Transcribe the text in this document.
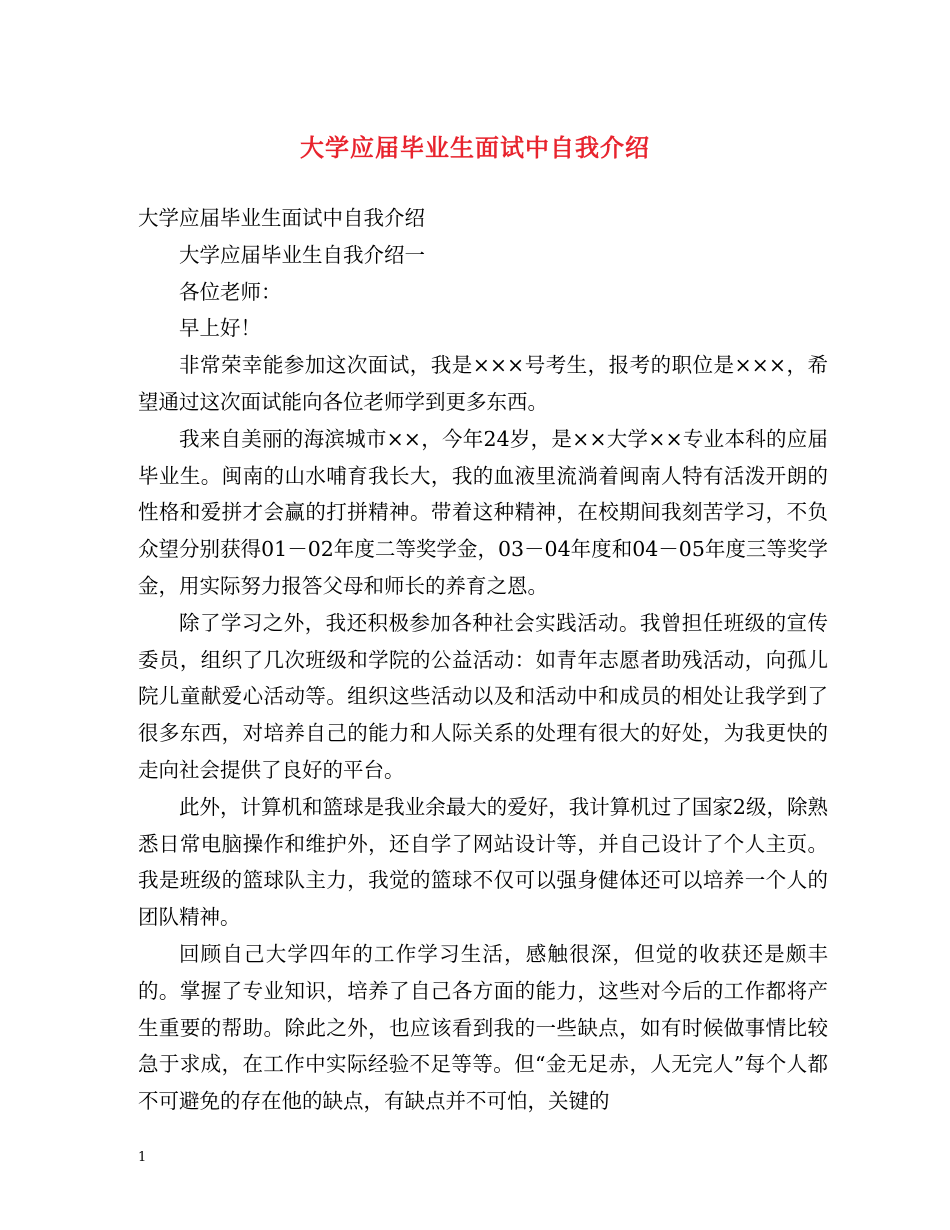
大学应届毕业生面试中自我介绍

大学应届毕业生面试中自我介绍

大学应届毕业生自我介绍一

各位老师：

早上好！

非常荣幸能参加这次面试，我是×××号考生，报考的职位是×××，希望通过这次面试能向各位老师学到更多东西。

我来自美丽的海滨城市××，今年24岁，是××大学××专业本科的应届毕业生。闽南的山水哺育我长大，我的血液里流淌着闽南人特有活泼开朗的性格和爱拼才会赢的打拼精神。带着这种精神，在校期间我刻苦学习，不负众望分别获得01－02年度二等奖学金，03－04年度和04－05年度三等奖学金，用实际努力报答父母和师长的养育之恩。

除了学习之外，我还积极参加各种社会实践活动。我曾担任班级的宣传委员，组织了几次班级和学院的公益活动：如青年志愿者助残活动，向孤儿院儿童献爱心活动等。组织这些活动以及和活动中和成员的相处让我学到了很多东西，对培养自己的能力和人际关系的处理有很大的好处，为我更快的走向社会提供了良好的平台。

此外，计算机和篮球是我业余最大的爱好，我计算机过了国家2级，除熟悉日常电脑操作和维护外，还自学了网站设计等，并自己设计了个人主页。我是班级的篮球队主力，我觉的篮球不仅可以强身健体还可以培养一个人的团队精神。

回顾自己大学四年的工作学习生活，感触很深，但觉的收获还是颇丰的。掌握了专业知识，培养了自己各方面的能力，这些对今后的工作都将产生重要的帮助。除此之外，也应该看到我的一些缺点，如有时候做事情比较急于求成，在工作中实际经验不足等等。但“金无足赤，人无完人”每个人都不可避免的存在他的缺点，有缺点并不可怕，关键的

1
